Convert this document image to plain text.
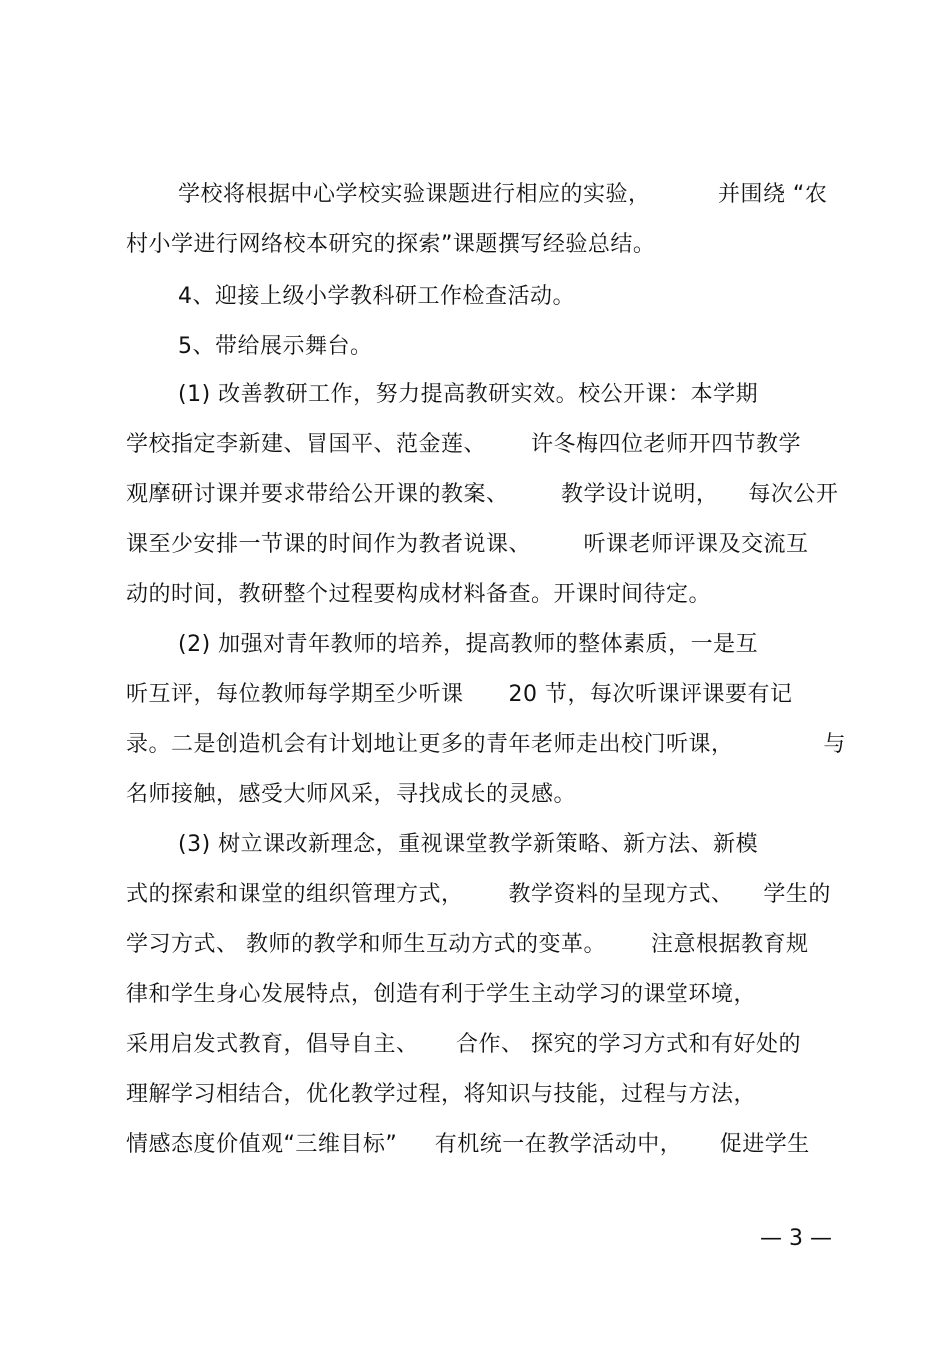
学校将根据中心学校实验课题进行相应的实验，         并围绕 “农
村小学进行网络校本研究的探索”课题撰写经验总结。
4、迎接上级小学教科研工作检查活动。
5、带给展示舞台。
(1) 改善教研工作，努力提高教研实效。校公开课：本学期
学校指定李新建、冒国平、范金莲、      许冬梅四位老师开四节教学
观摩研讨课并要求带给公开课的教案、       教学设计说明，    每次公开
课至少安排一节课的时间作为教者说课、       听课老师评课及交流互
动的时间，教研整个过程要构成材料备查。开课时间待定。
(2) 加强对青年教师的培养，提高教师的整体素质，一是互
听互评，每位教师每学期至少听课      20 节，每次听课评课要有记
录。二是创造机会有计划地让更多的青年老师走出校门听课，            与
名师接触，感受大师风采，寻找成长的灵感。
(3) 树立课改新理念，重视课堂教学新策略、新方法、新模
式的探索和课堂的组织管理方式，      教学资料的呈现方式、    学生的
学习方式、 教师的教学和师生互动方式的变革。      注意根据教育规
律和学生身心发展特点，创造有利于学生主动学习的课堂环境，
采用启发式教育，倡导自主、     合作、 探究的学习方式和有好处的
理解学习相结合，优化教学过程，将知识与技能，过程与方法，
情感态度价值观“三维目标”     有机统一在教学活动中，     促进学生
— 3 —
